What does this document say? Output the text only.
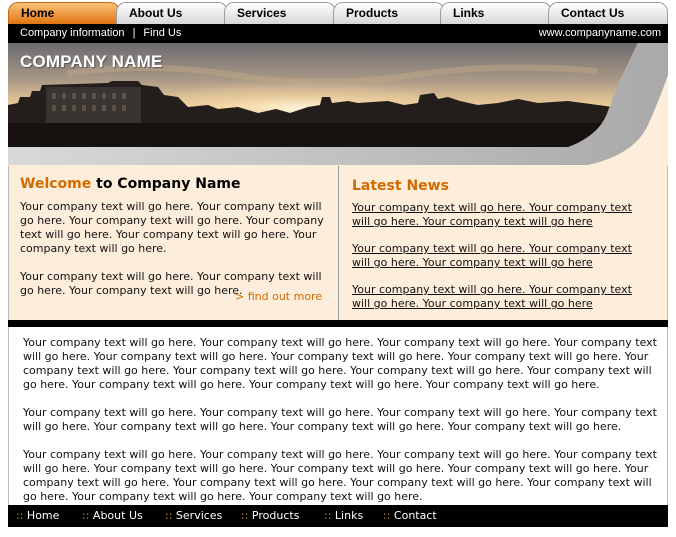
Home	About Us	Services	Products	Links	Contact Us
Company information | Find Us	www.companyname.com
COMPANY NAME
Welcome to Company Name

Your company text will go here. Your company text will go here. Your company text will go here. Your company text will go here. Your company text will go here. Your company text will go here.

Your company text will go here. Your company text will go here. Your company text will go here.

> find out more
Latest News
Your company text will go here. Your company text will go here. Your company text will go here
Your company text will go here. Your company text will go here. Your company text will go here
Your company text will go here. Your company text will go here. Your company text will go here

Your company text will go here. Your company text will go here. Your company text will go here. Your company text will go here. Your company text will go here. Your company text will go here. Your company text will go here. Your company text will go here. Your company text will go here. Your company text will go here. Your company text will go here. Your company text will go here. Your company text will go here. Your company text will go here.

Your company text will go here. Your company text will go here. Your company text will go here. Your company text will go here. Your company text will go here. Your company text will go here. Your company text will go here.

Your company text will go here. Your company text will go here. Your company text will go here. Your company text will go here. Your company text will go here. Your company text will go here. Your company text will go here. Your company text will go here. Your company text will go here. Your company text will go here. Your company text will go here. Your company text will go here. Your company text will go here.

:: Home :: About Us :: Services :: Products :: Links :: Contact
